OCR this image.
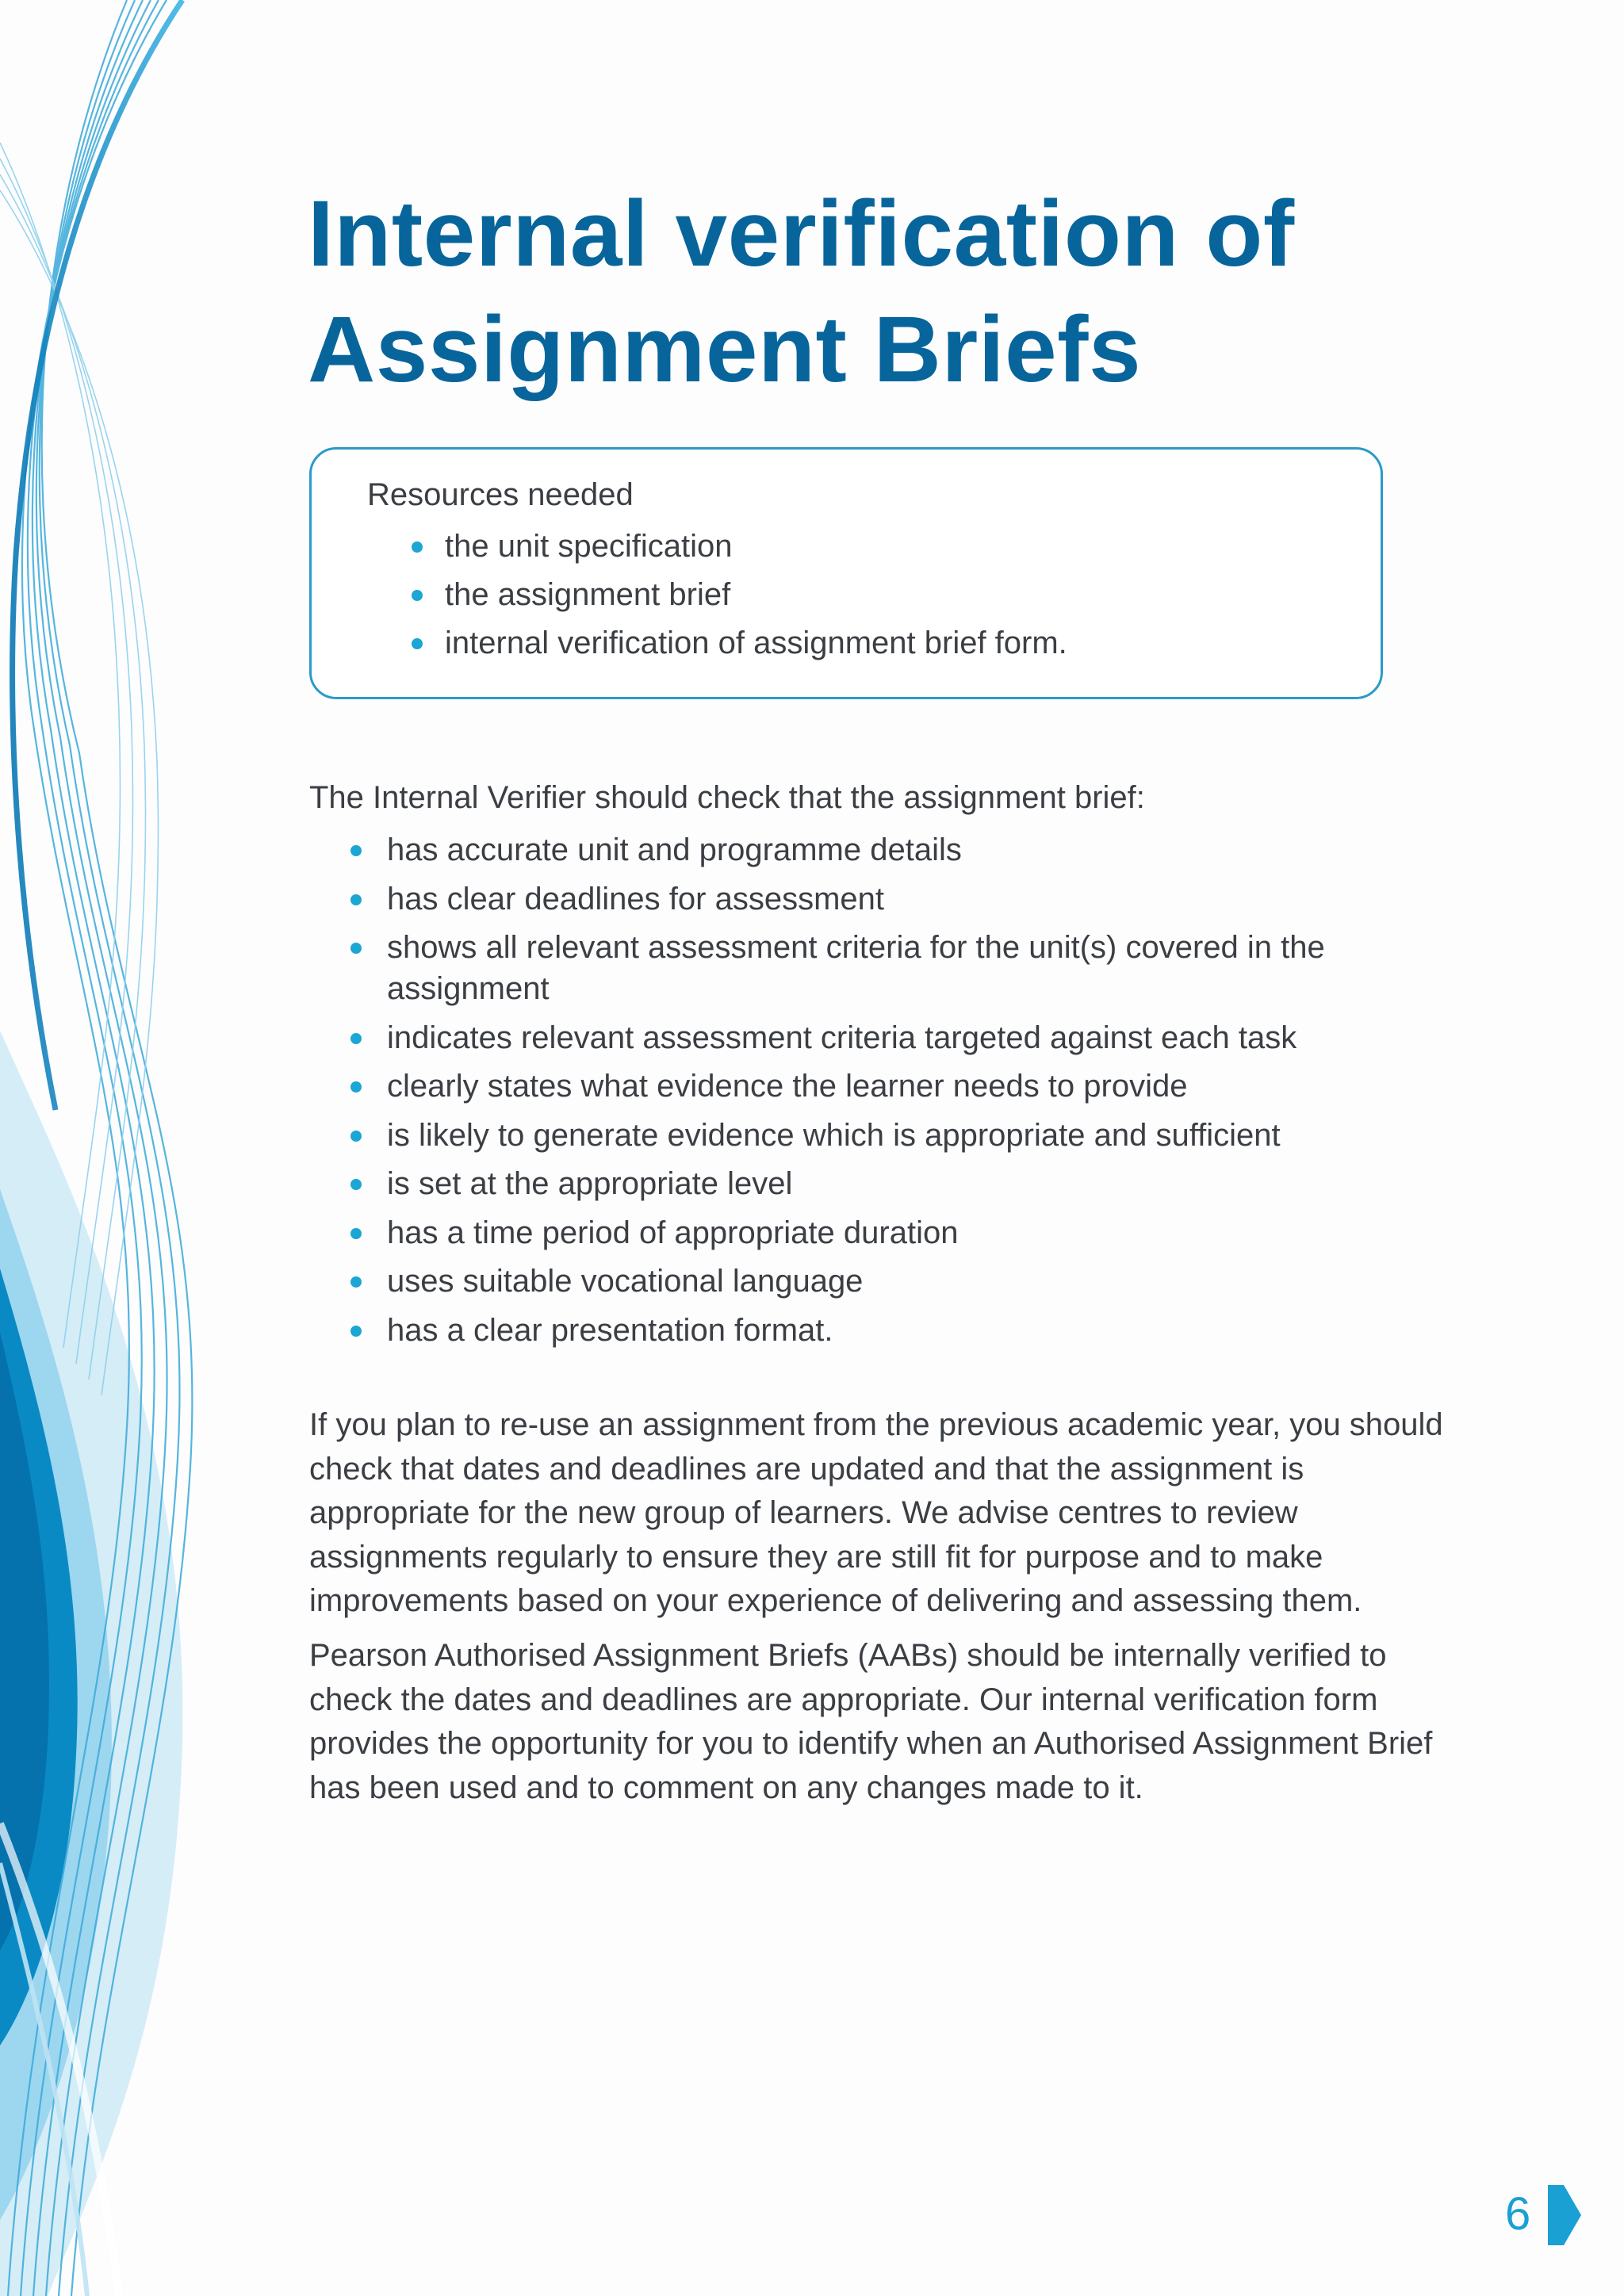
Internal verification of
Assignment Briefs

Resources needed

the unit specification
the assignment brief
internal verification of assignment brief form.

The Internal Verifier should check that the assignment brief:

has accurate unit and programme details
has clear deadlines for assessment
shows all relevant assessment criteria for the unit(s) covered in the assignment
indicates relevant assessment criteria targeted against each task
clearly states what evidence the learner needs to provide
is likely to generate evidence which is appropriate and sufficient
is set at the appropriate level
has a time period of appropriate duration
uses suitable vocational language
has a clear presentation format.

If you plan to re-use an assignment from the previous academic year, you should check that dates and deadlines are updated and that the assignment is appropriate for the new group of learners. We advise centres to review assignments regularly to ensure they are still fit for purpose and to make improvements based on your experience of delivering and assessing them.

Pearson Authorised Assignment Briefs (AABs) should be internally verified to check the dates and deadlines are appropriate. Our internal verification form provides the opportunity for you to identify when an Authorised Assignment Brief has been used and to comment on any changes made to it.

6
